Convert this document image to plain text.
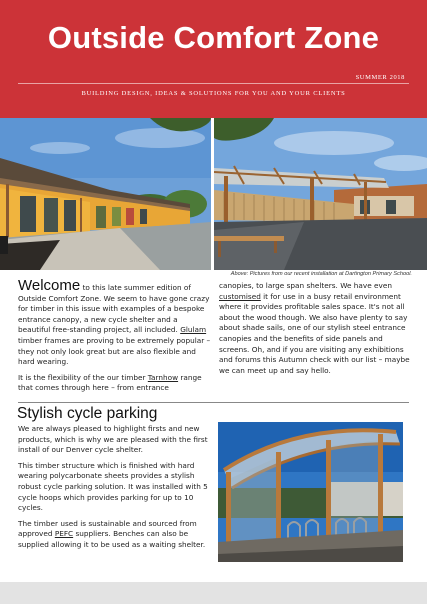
Outside Comfort Zone
SUMMER 2018
BUILDING DESIGN, IDEAS & SOLUTIONS FOR YOU AND YOUR CLIENTS
Above: Pictures from our recent installation at Dartington Primary School.

Welcome to this late summer edition of Outside Comfort Zone. We seem to have gone crazy for timber in this issue with examples of a bespoke entrance canopy, a new cycle shelter and a beautiful free-standing project, all included. Glulam timber frames are proving to be extremely popular – they not only look great but are also flexible and hard wearing.

It is the flexibility of the our timber Tarnhow range that comes through here – from entrance

canopies, to large span shelters. We have even customised it for use in a busy retail environment where it provides profitable sales space. It's not all about the wood though. We also have plenty to say about shade sails, one of our stylish steel entrance canopies and the benefits of side panels and screens. Oh, and if you are visiting any exhibitions and forums this Autumn check with our list – maybe we can meet up and say hello.

Stylish cycle parking

We are always pleased to highlight firsts and new products, which is why we are pleased with the first install of our Denver cycle shelter.

This timber structure which is finished with hard wearing polycarbonate sheets provides a stylish robust cycle parking solution. It was installed with 5 cycle hoops which provides parking for up to 10 cycles.

The timber used is sustainable and sourced from approved PEFC suppliers. Benches can also be supplied allowing it to be used as a waiting shelter.
